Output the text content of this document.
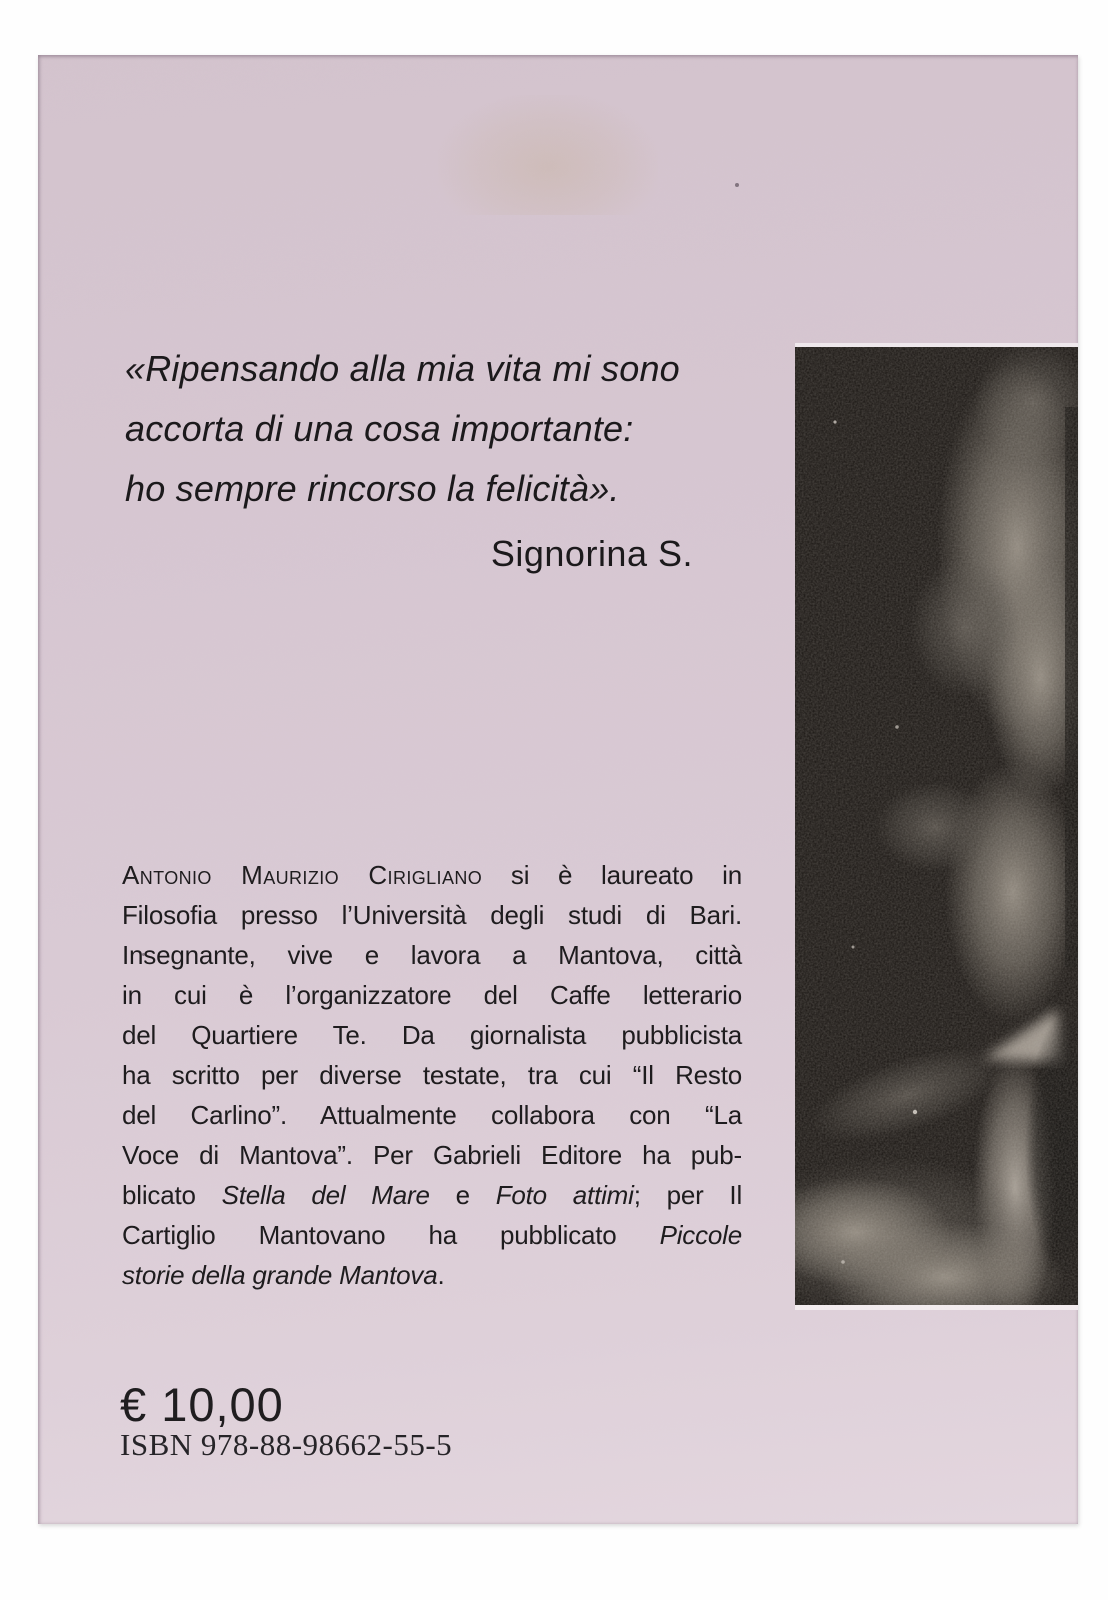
«Ripensando alla mia vita mi sono
accorta di una cosa importante:
ho sempre rincorso la felicità».
Signorina S.
Antonio Maurizio Cirigliano si è laureato in
Filosofia presso l’Università degli studi di Bari.
Insegnante, vive e lavora a Mantova, città
in cui è l’organizzatore del Caffe letterario
del Quartiere Te. Da giornalista pubblicista
ha scritto per diverse testate, tra cui “Il Resto
del Carlino”. Attualmente collabora con “La
Voce di Mantova”. Per Gabrieli Editore ha pub-
blicato Stella del Mare e Foto attimi; per Il
Cartiglio Mantovano ha pubblicato Piccole
storie della grande Mantova.
€ 10,00
ISBN 978-88-98662-55-5
